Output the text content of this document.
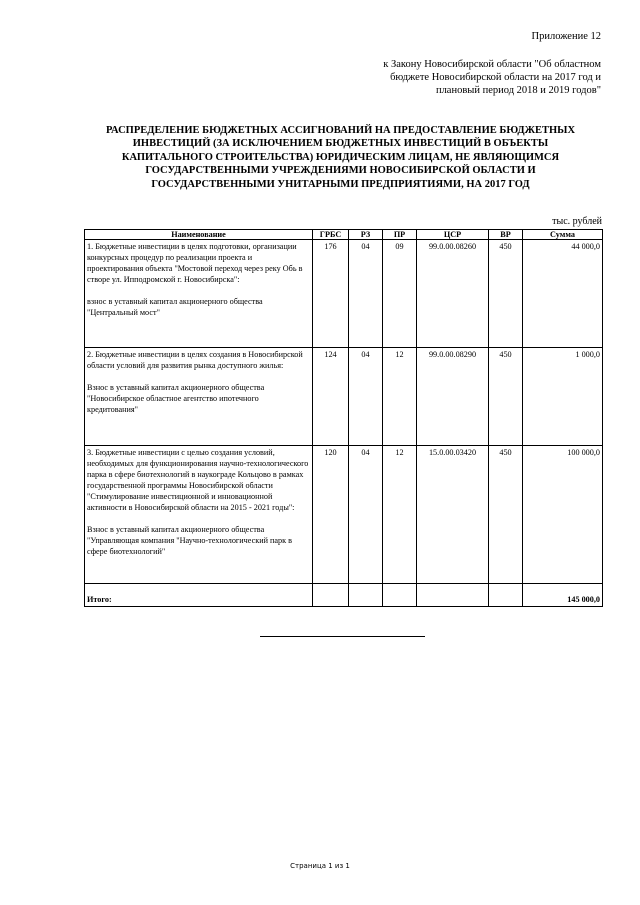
Приложение 12
к Закону Новосибирской области "Об областном
бюджете Новосибирской области на 2017 год и
плановый период 2018 и 2019 годов"
РАСПРЕДЕЛЕНИЕ БЮДЖЕТНЫХ АССИГНОВАНИЙ НА ПРЕДОСТАВЛЕНИЕ БЮДЖЕТНЫХ
ИНВЕСТИЦИЙ (ЗА ИСКЛЮЧЕНИЕМ БЮДЖЕТНЫХ ИНВЕСТИЦИЙ В ОБЪЕКТЫ
КАПИТАЛЬНОГО СТРОИТЕЛЬСТВА) ЮРИДИЧЕСКИМ ЛИЦАМ, НЕ ЯВЛЯЮЩИМСЯ
ГОСУДАРСТВЕННЫМИ УЧРЕЖДЕНИЯМИ НОВОСИБИРСКОЙ ОБЛАСТИ И
ГОСУДАРСТВЕННЫМИ УНИТАРНЫМИ ПРЕДПРИЯТИЯМИ, НА 2017 ГОД
тыс. рублей
Наименование	ГРБС	РЗ	ПР	ЦСР	ВР	Сумма

1. Бюджетные инвестиции в целях подготовки, организации конкурсных процедур по реализации проекта и проектирования объекта "Мостовой переход через реку Обь в створе ул. Ипподромской г. Новосибирска":
взнос в уставный капитал акционерного общества "Центральный мост"	176	04	09	99.0.00.08260	450	44 000,0

2. Бюджетные инвестиции в целях создания в Новосибирской области условий для развития рынка доступного жилья:
Взнос в уставный капитал акционерного общества "Новосибирское областное агентство ипотечного кредитования"	124	04	12	99.0.00.08290	450	1 000,0

3. Бюджетные инвестиции с целью создания условий, необходимых для функционирования научно-технологического парка в сфере биотехнологий в наукограде Кольцово в рамках государственной программы Новосибирской области "Стимулирование инвестиционной и инновационной активности в Новосибирской области на 2015 - 2021 годы":
Взнос в уставный капитал акционерного общества "Управляющая компания "Научно-технологический парк в сфере биотехнологий"	120	04	12	15.0.00.03420	450	100 000,0
Итого:						145 000,0
Страница 1 из 1
